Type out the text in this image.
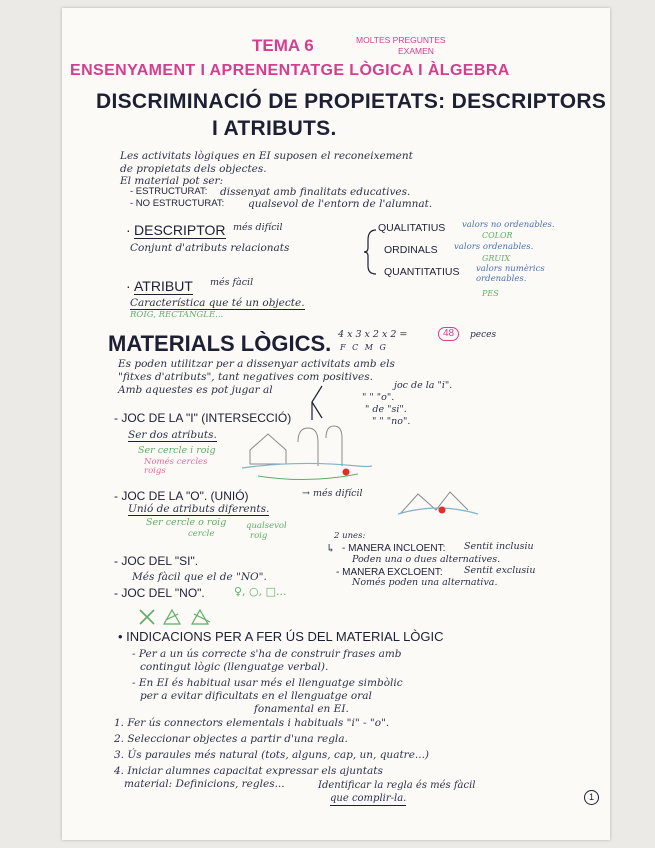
TEMA 6	MOLTES PREGUNTES
EXAMEN
ENSENYAMENT I APRENENTATGE LÒGICA I ÀLGEBRA
DISCRIMINACIÓ DE PROPIETATS: DESCRIPTORS
I ATRIBUTS.
Les activitats lògiques en EI suposen el reconeixement
de propietats dels objectes.
El material pot ser:
- ESTRUCTURAT: dissenyat amb finalitats educatives.
- NO ESTRUCTURAT: qualsevol de l'entorn de l'alumnat.
· DESCRIPTOR més difícil
Conjunt d'atributs relacionats
QUALITATIUS valors no ordenables.
COLOR
ORDINALS valors ordenables.
GRUIX
QUANTITATIUS valors numèrics ordenables.
PES
· ATRIBUT més fàcil
Característica que té un objecte.
ROIG, RECTANGLE...
MATERIALS LÒGICS. 4 x 3 x 2 x 2 =
F C M G
48	peces
Es poden utilitzar per a dissenyar activitats amb els
"fitxes d'atributs", tant negatives com positives.
Amb aquestes es pot jugar al	joc de la "i".
" " "o".
" de "si".
" " "no".
- JOC DE LA "I" (INTERSECCIÓ)
Ser dos atributs.
Ser cercle i roig
Només cercles
roigs
- JOC DE LA "O". (UNIÓ)	→ més difícil
Unió de atributs diferents.
Ser cercle o roig
cercle
qualsevol
roig	2 unes:
↳ - MANERA INCLOENT: Sentit inclusiu
Poden una o dues alternatives.
- JOC DEL "SI".
Més fàcil que el de "NO".	- MANERA EXCLOENT: Sentit exclusiu
Només poden una alternativa.
- JOC DEL "NO".	♀, ○, □...
• INDICACIONS PER A FER ÚS DEL MATERIAL LÒGIC
- Per a un ús correcte s'ha de construir frases amb
contingut lògic (llenguatge verbal).
- En EI és habitual usar més el llenguatge simbòlic
per a evitar dificultats en el llenguatge oral
fonamental en EI.
1. Fer ús connectors elementals i habituals "i" - "o".
2. Seleccionar objectes a partir d'una regla.
3. Ús paraules més natural (tots, alguns, cap, un, quatre...)
4. Iniciar alumnes capacitat expressar els ajuntats
material: Definicions, regles...	Identificar la regla és més fàcil
que complir-la.	1
